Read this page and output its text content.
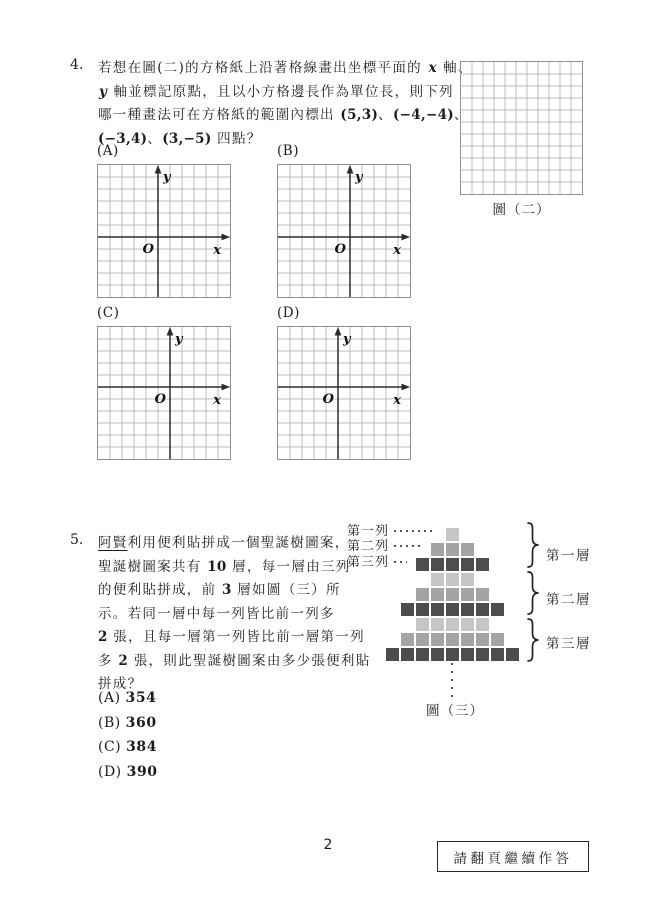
4. 若想在圖(二)的方格紙上沿著格線畫出坐標平面的 x 軸、
y 軸並標記原點，且以小方格邊長作為單位長，則下列
哪一種畫法可在方格紙的範圍內標出 (5,3)、(−4,−4)、
(−3,4)、(3,−5) 四點？
圖（二）
(A)
y
x
O
(B)
y
x
O
(C)
y
x
O
(D)
y
x
O
5. 阿賢利用便利貼拼成一個聖誕樹圖案，
聖誕樹圖案共有 10 層，每一層由三列
的便利貼拼成，前 3 層如圖（三）所
示。若同一層中每一列皆比前一列多
2 張，且每一層第一列皆比前一層第一列
多 2 張，則此聖誕樹圖案由多少張便利貼
拼成？
(A) 354
(B) 360
(C) 384
(D) 390
第一列
第二列
第三列	第一層
第二層
第三層
圖（三）
2
請翻頁繼續作答
